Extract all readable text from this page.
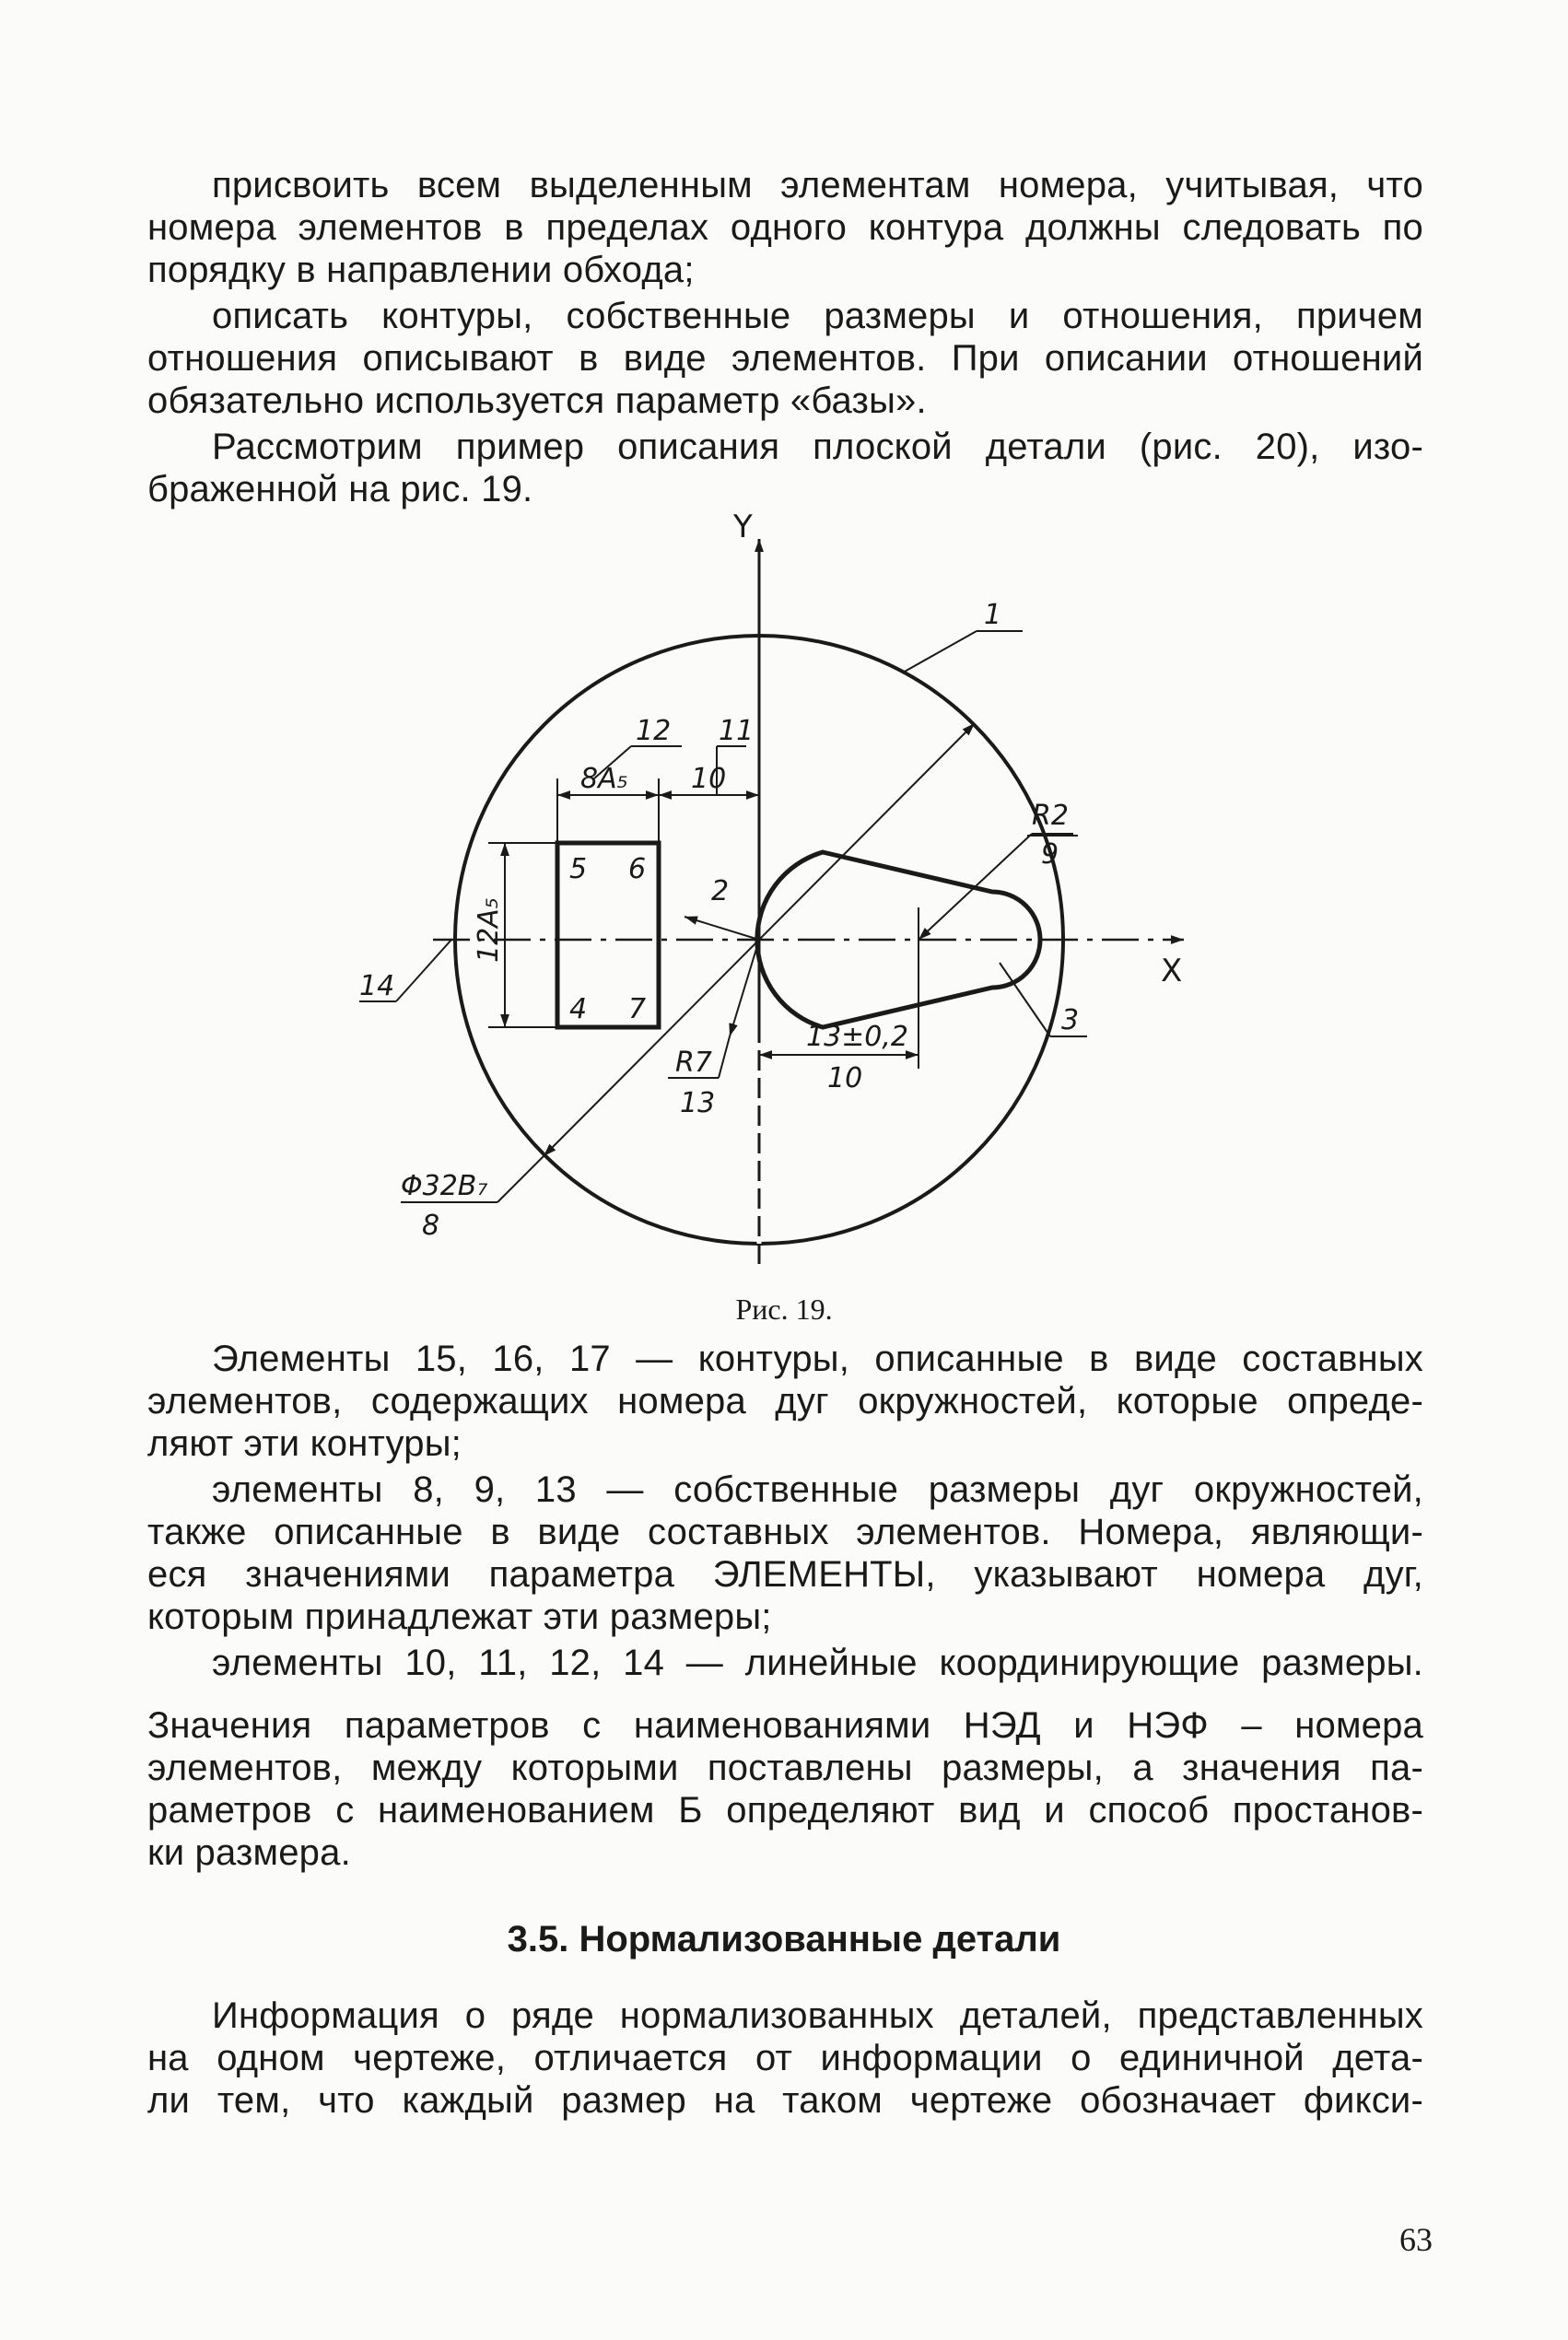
присвоить всем выделенным элементам номера, учитывая, что
номера элементов в пределах одного контура должны следовать по
порядку в направлении обхода;
описать контуры, собственные размеры и отношения, причем
отношения описывают в виде элементов. При описании отношений
обязательно используется параметр «базы».
Рассмотрим пример описания плоской детали (рис. 20), изо-
браженной на рис. 19.
Y
X
1
12 11
8A₅ 10
R2
9
5 6
4 7
2
12A₅
14
3
R7
13
13±0,2
10
Φ32B₇
8
Рис. 19.
Элементы 15, 16, 17 — контуры, описанные в виде составных
элементов, содержащих номера дуг окружностей, которые опреде-
ляют эти контуры;
элементы 8, 9, 13 — собственные размеры дуг окружностей,
также описанные в виде составных элементов. Номера, являющи-
еся значениями параметра ЭЛЕМЕНТЫ, указывают номера дуг,
которым принадлежат эти размеры;
элементы 10, 11, 12, 14 — линейные координирующие размеры.
Значения параметров с наименованиями НЭД и НЭФ – номера
элементов, между которыми поставлены размеры, а значения па-
раметров с наименованием Б определяют вид и способ простанов-
ки размера.
3.5. Нормализованные детали
Информация о ряде нормализованных деталей, представленных
на одном чертеже, отличается от информации о единичной дета-
ли тем, что каждый размер на таком чертеже обозначает фикси-
63
